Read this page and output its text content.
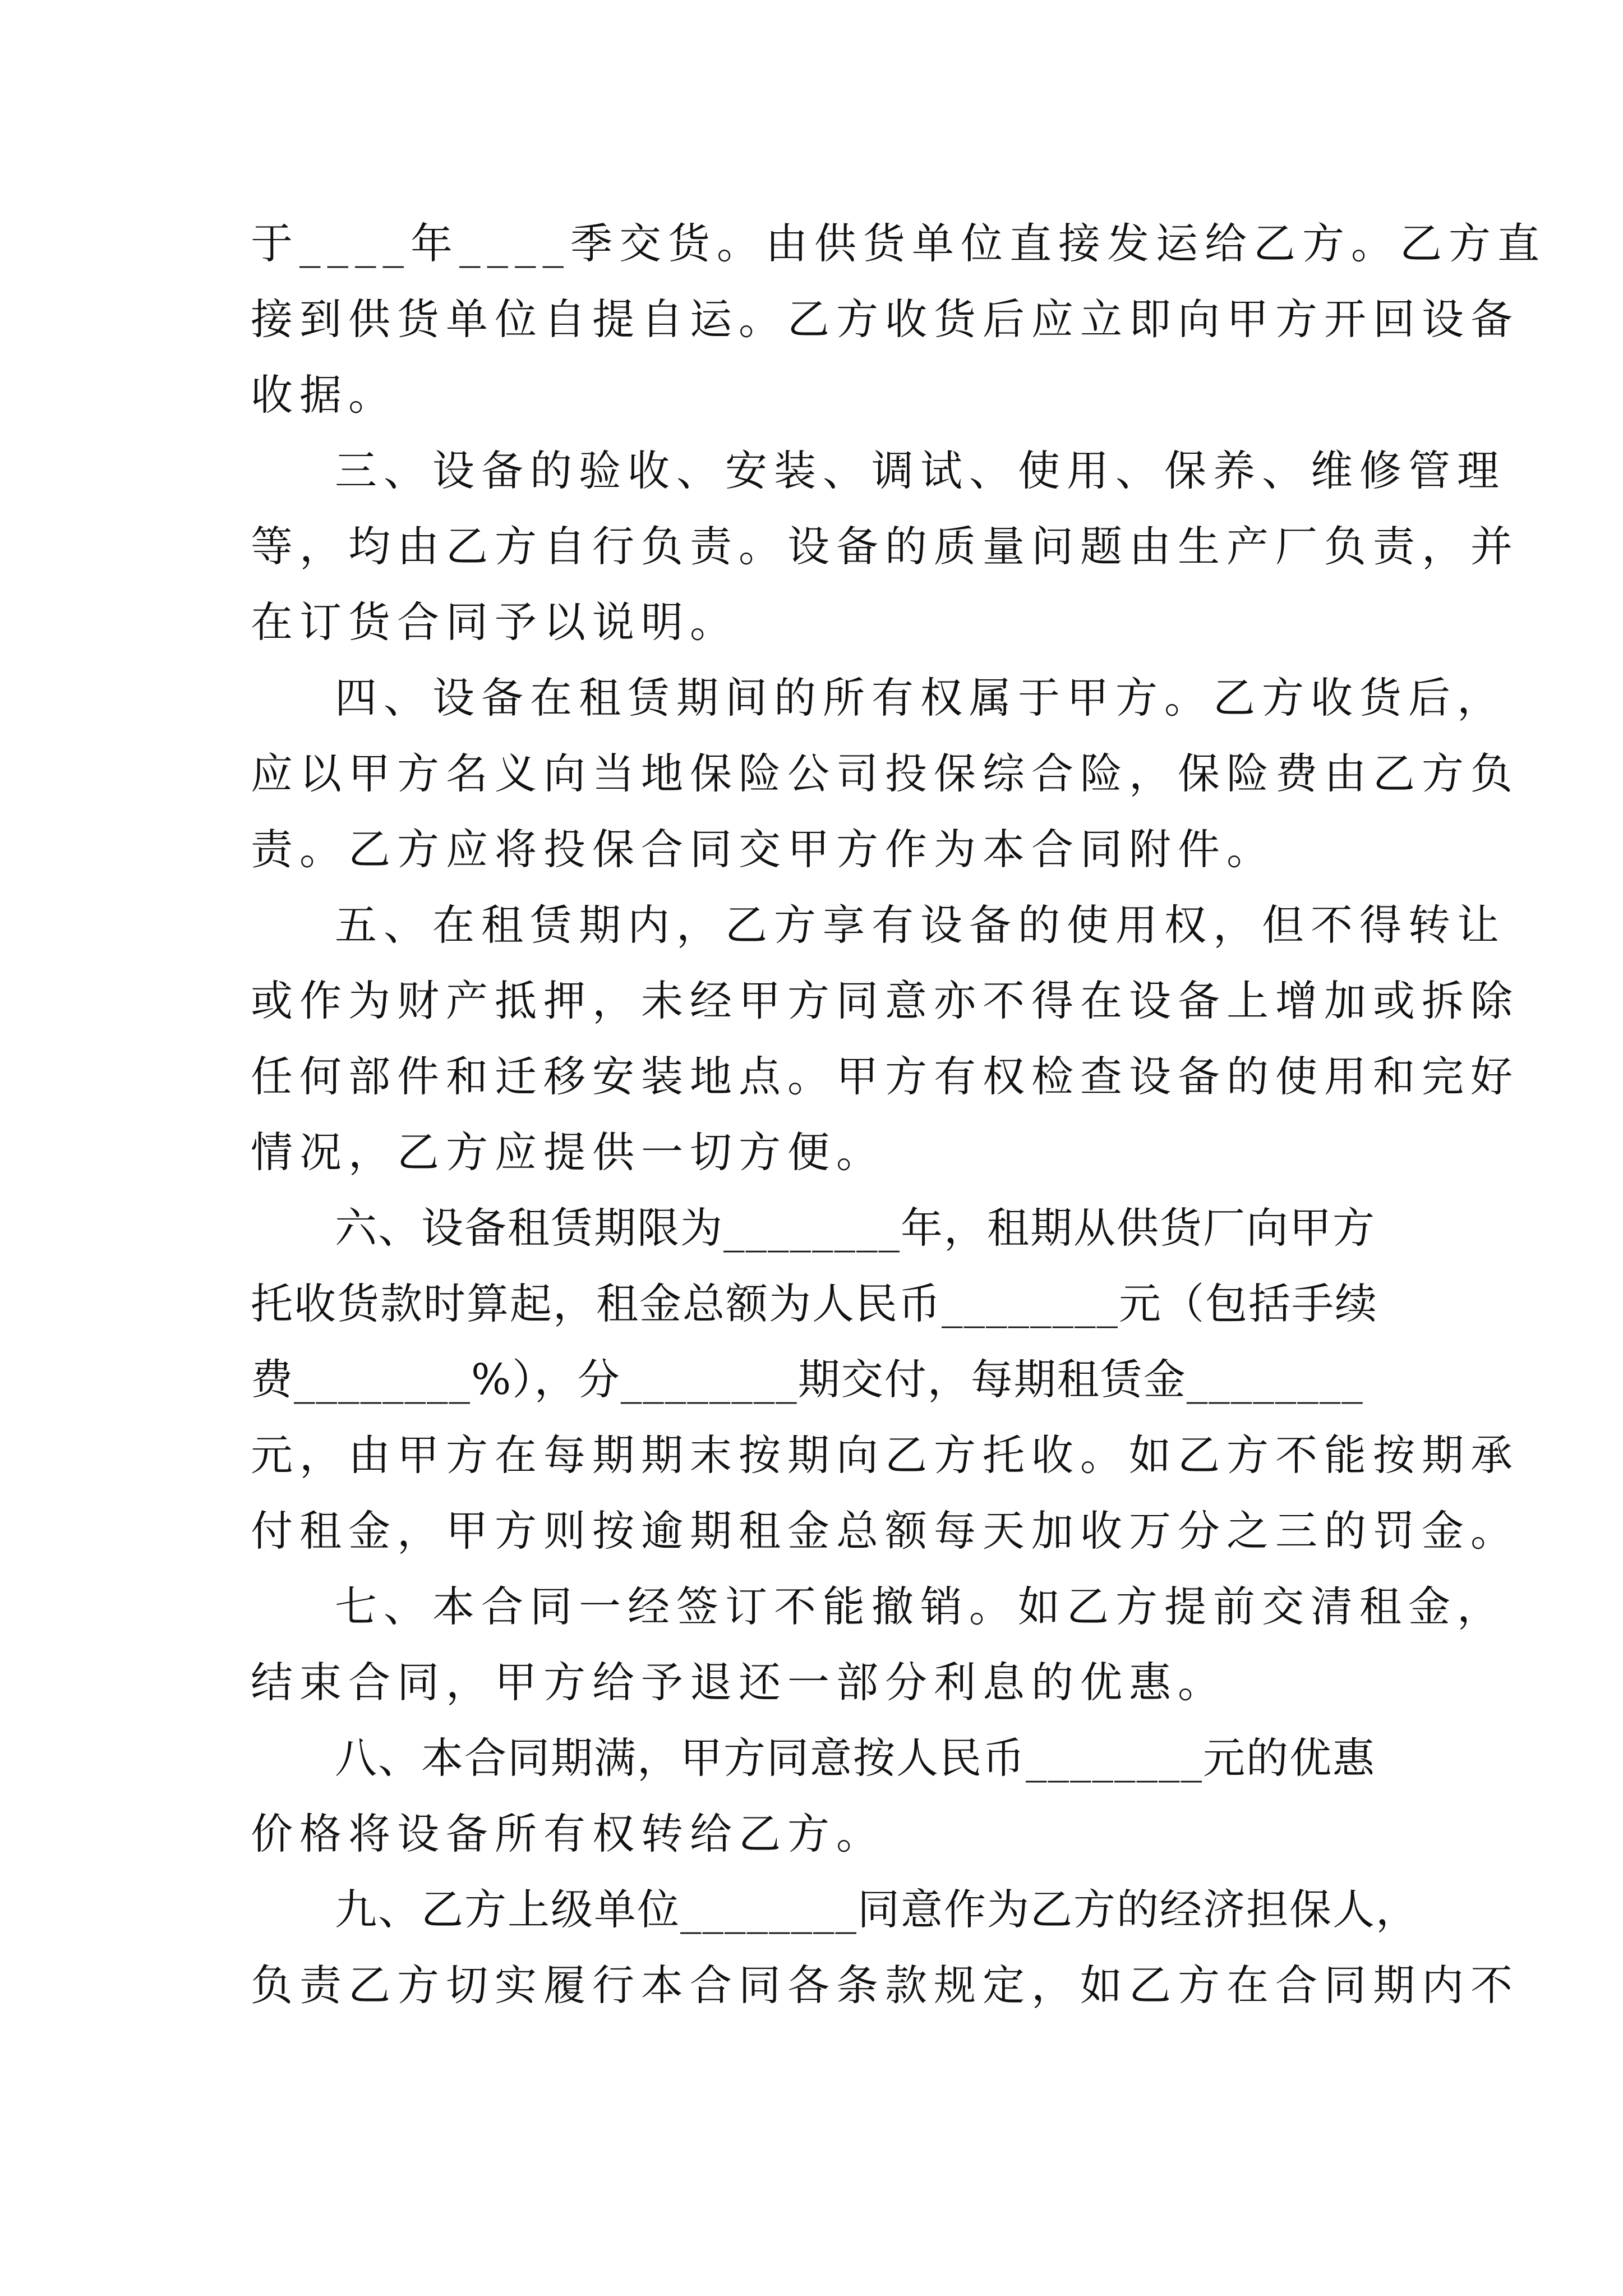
于____年____季交货。由供货单位直接发运给乙方。乙方直

接到供货单位自提自运。乙方收货后应立即向甲方开回设备

收据。

三、设备的验收、安装、调试、使用、保养、维修管理

等，均由乙方自行负责。设备的质量问题由生产厂负责，并

在订货合同予以说明。

四、设备在租赁期间的所有权属于甲方。乙方收货后，

应以甲方名义向当地保险公司投保综合险，保险费由乙方负

责。乙方应将投保合同交甲方作为本合同附件。

五、在租赁期内，乙方享有设备的使用权，但不得转让

或作为财产抵押，未经甲方同意亦不得在设备上增加或拆除

任何部件和迁移安装地点。甲方有权检查设备的使用和完好

情况，乙方应提供一切方便。

六、设备租赁期限为________年，租期从供货厂向甲方

托收货款时算起，租金总额为人民币________元（包括手续

费________%），分________期交付，每期租赁金________

元，由甲方在每期期末按期向乙方托收。如乙方不能按期承

付租金，甲方则按逾期租金总额每天加收万分之三的罚金。

七、本合同一经签订不能撤销。如乙方提前交清租金，

结束合同，甲方给予退还一部分利息的优惠。

八、本合同期满，甲方同意按人民币________元的优惠

价格将设备所有权转给乙方。

九、乙方上级单位________同意作为乙方的经济担保人，

负责乙方切实履行本合同各条款规定，如乙方在合同期内不
